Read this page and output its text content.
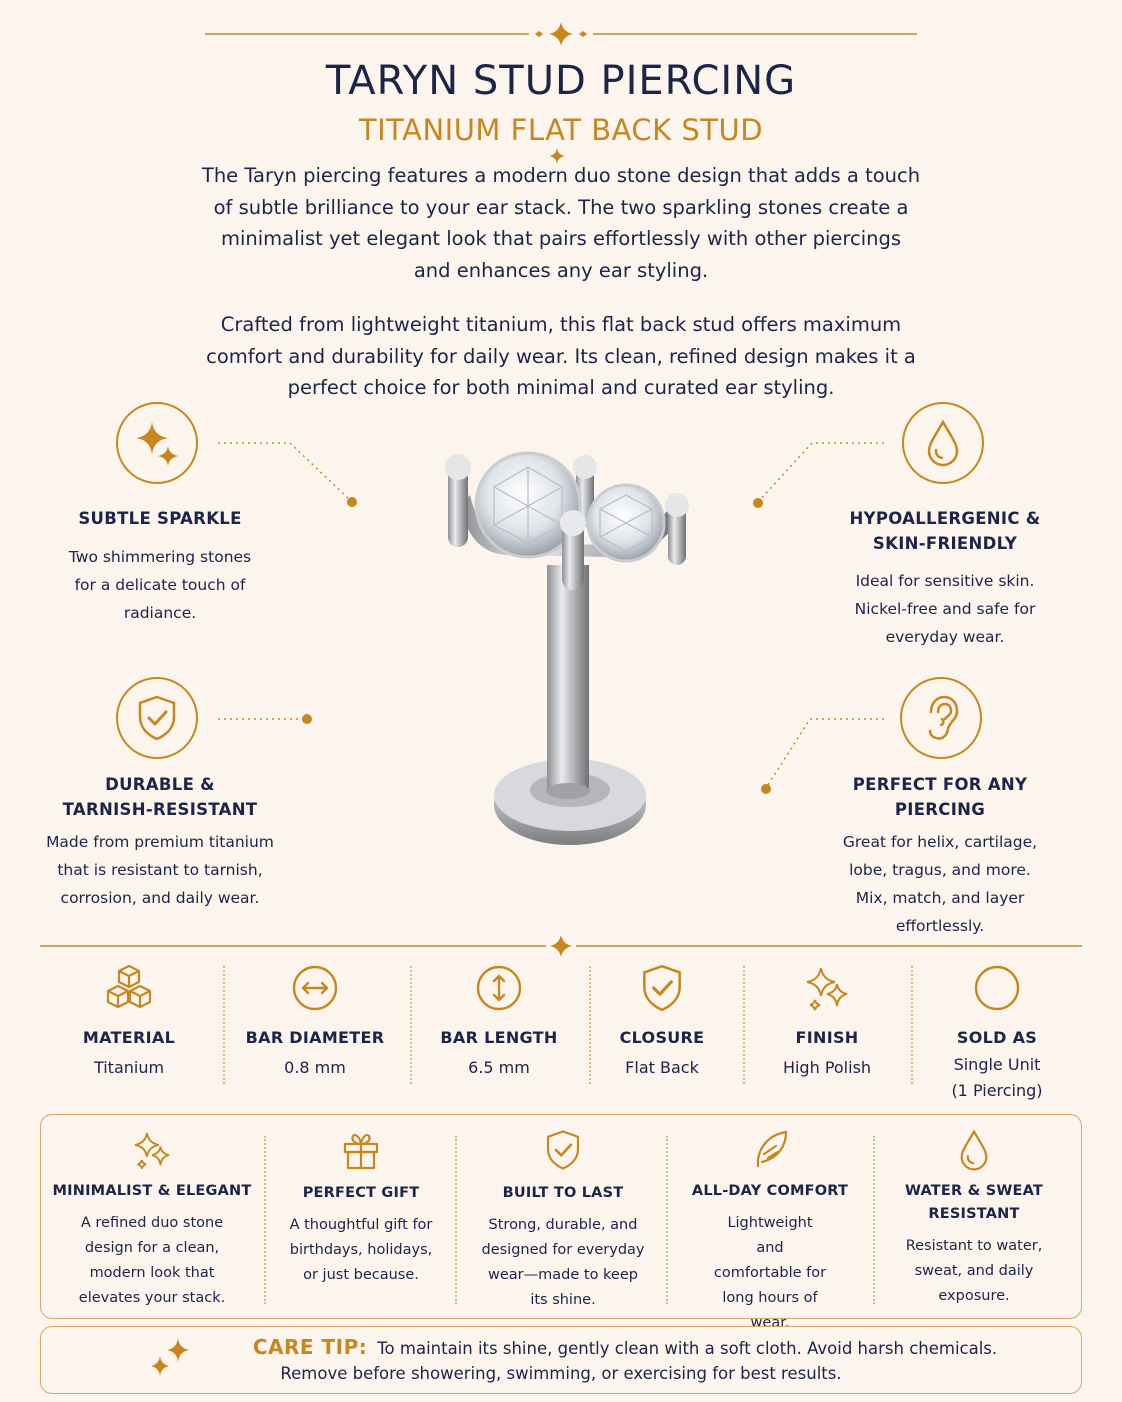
TARYN STUD PIERCING
TITANIUM FLAT BACK STUD
The Taryn piercing features a modern duo stone design that adds a touch of subtle brilliance to your ear stack. The two sparkling stones create a minimalist yet elegant look that pairs effortlessly with other piercings and enhances any ear styling.
Crafted from lightweight titanium, this flat back stud offers maximum comfort and durability for daily wear. Its clean, refined design makes it a perfect choice for both minimal and curated ear styling.
SUBTLE SPARKLE
Two shimmering stones for a delicate touch of radiance.
HYPOALLERGENIC & SKIN-FRIENDLY
Ideal for sensitive skin. Nickel-free and safe for everyday wear.
DURABLE & TARNISH-RESISTANT
Made from premium titanium that is resistant to tarnish, corrosion, and daily wear.
PERFECT FOR ANY PIERCING
Great for helix, cartilage, lobe, tragus, and more. Mix, match, and layer effortlessly.
MATERIAL
Titanium
BAR DIAMETER
0.8 mm
BAR LENGTH
6.5 mm
CLOSURE
Flat Back
FINISH
High Polish
SOLD AS
Single Unit
(1 Piercing)
MINIMALIST & ELEGANT
A refined duo stone design for a clean, modern look that elevates your stack.
PERFECT GIFT
A thoughtful gift for birthdays, holidays, or just because.
BUILT TO LAST
Strong, durable, and designed for everyday wear—made to keep its shine.
ALL-DAY COMFORT
Lightweight and comfortable for long hours of wear.
WATER & SWEAT RESISTANT
Resistant to water, sweat, and daily exposure.
CARE TIP: To maintain its shine, gently clean with a soft cloth. Avoid harsh chemicals.
Remove before showering, swimming, or exercising for best results.
